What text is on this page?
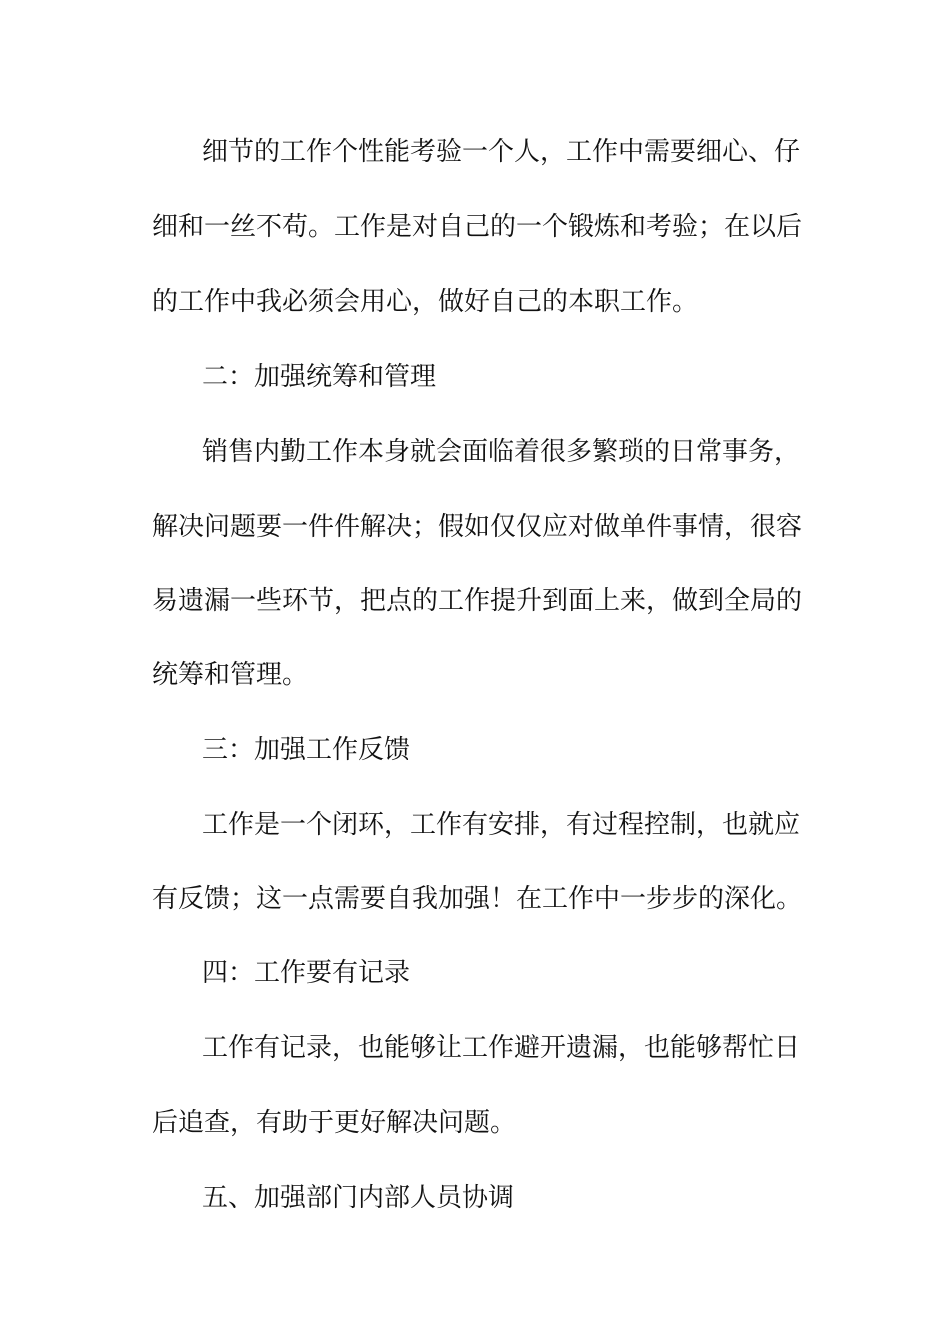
细节的工作个性能考验一个人，工作中需要细心、仔

细和一丝不苟。工作是对自己的一个锻炼和考验；在以后

的工作中我必须会用心，做好自己的本职工作。

二：加强统筹和管理

销售内勤工作本身就会面临着很多繁琐的日常事务，

解决问题要一件件解决；假如仅仅应对做单件事情，很容

易遗漏一些环节，把点的工作提升到面上来，做到全局的

统筹和管理。

三：加强工作反馈

工作是一个闭环，工作有安排，有过程控制，也就应

有反馈；这一点需要自我加强！在工作中一步步的深化。

四：工作要有记录

工作有记录，也能够让工作避开遗漏，也能够帮忙日

后追查，有助于更好解决问题。

五、加强部门内部人员协调
